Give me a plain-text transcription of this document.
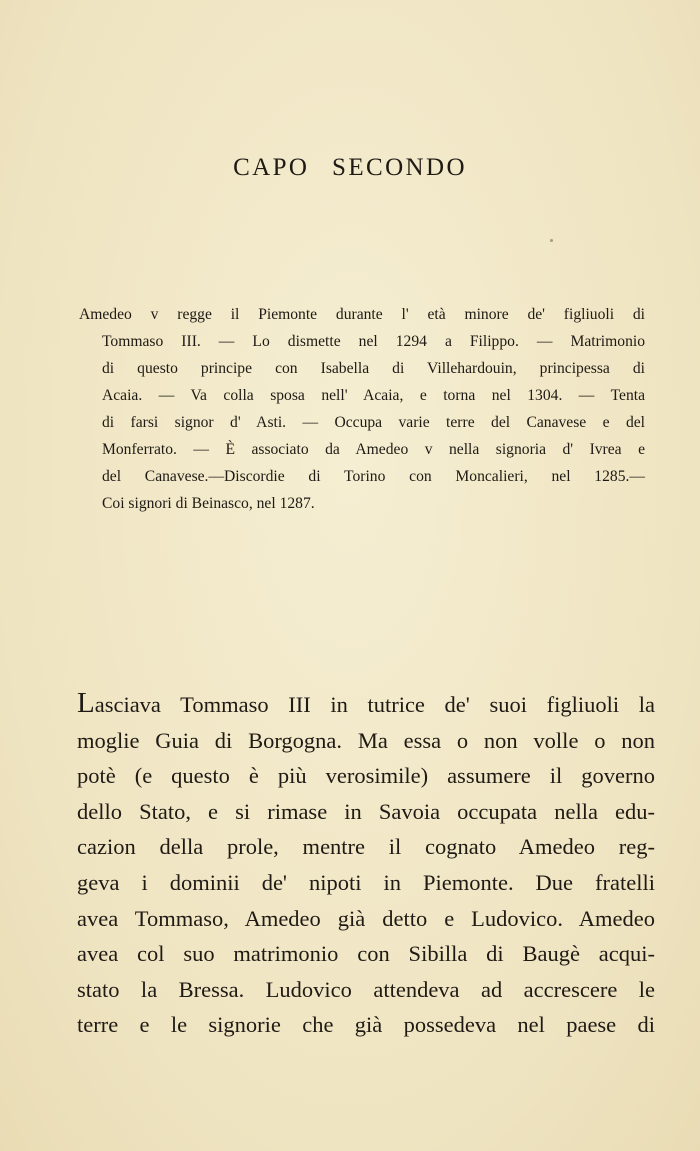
CAPO SECONDO
Amedeo v regge il Piemonte durante l' età minore de' figliuoli di
Tommaso III. — Lo dismette nel 1294 a Filippo. — Matrimonio
di questo principe con Isabella di Villehardouin, principessa di
Acaia. — Va colla sposa nell' Acaia, e torna nel 1304. — Tenta
di farsi signor d' Asti. — Occupa varie terre del Canavese e del
Monferrato. — È associato da Amedeo v nella signoria d' Ivrea e
del Canavese.—Discordie di Torino con Moncalieri, nel 1285.—
Coi signori di Beinasco, nel 1287.
Lasciava Tommaso III in tutrice de' suoi figliuoli la
moglie Guia di Borgogna. Ma essa o non volle o non
potè (e questo è più verosimile) assumere il governo
dello Stato, e si rimase in Savoia occupata nella edu-
cazion della prole, mentre il cognato Amedeo reg-
geva i dominii de' nipoti in Piemonte. Due fratelli
avea Tommaso, Amedeo già detto e Ludovico. Amedeo
avea col suo matrimonio con Sibilla di Baugè acqui-
stato la Bressa. Ludovico attendeva ad accrescere le
terre e le signorie che già possedeva nel paese di
